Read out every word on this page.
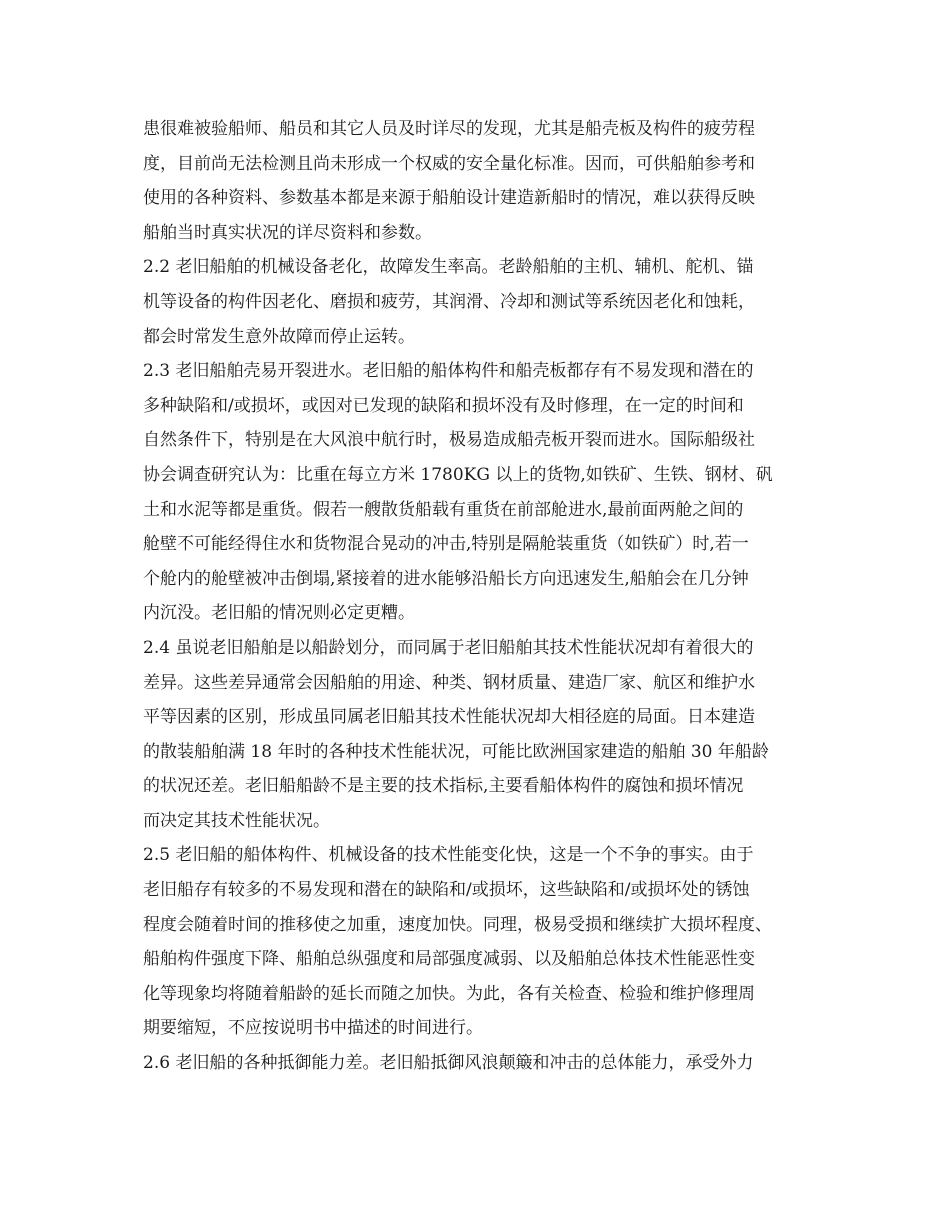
患很难被验船师、船员和其它人员及时详尽的发现，尤其是船壳板及构件的疲劳程
度，目前尚无法检测且尚未形成一个权威的安全量化标准。因而，可供船舶参考和
使用的各种资料、参数基本都是来源于船舶设计建造新船时的情况，难以获得反映
船舶当时真实状况的详尽资料和参数。
2.2 老旧船舶的机械设备老化，故障发生率高。老龄船舶的主机、辅机、舵机、锚
机等设备的构件因老化、磨损和疲劳，其润滑、冷却和测试等系统因老化和蚀耗，
都会时常发生意外故障而停止运转。
2.3 老旧船舶壳易开裂进水。老旧船的船体构件和船壳板都存有不易发现和潜在的
多种缺陷和/或损坏，或因对已发现的缺陷和损坏没有及时修理，在一定的时间和
自然条件下，特别是在大风浪中航行时，极易造成船壳板开裂而进水。国际船级社
协会调查研究认为：比重在每立方米 1780KG 以上的货物,如铁矿、生铁、钢材、矾
土和水泥等都是重货。假若一艘散货船载有重货在前部舱进水,最前面两舱之间的
舱壁不可能经得住水和货物混合晃动的冲击,特别是隔舱装重货（如铁矿）时,若一
个舱内的舱壁被冲击倒塌,紧接着的进水能够沿船长方向迅速发生,船舶会在几分钟
内沉没。老旧船的情况则必定更糟。
2.4 虽说老旧船舶是以船龄划分，而同属于老旧船舶其技术性能状况却有着很大的
差异。这些差异通常会因船舶的用途、种类、钢材质量、建造厂家、航区和维护水
平等因素的区别，形成虽同属老旧船其技术性能状况却大相径庭的局面。日本建造
的散装船舶满 18 年时的各种技术性能状况，可能比欧洲国家建造的船舶 30 年船龄
的状况还差。老旧船船龄不是主要的技术指标,主要看船体构件的腐蚀和损坏情况
而决定其技术性能状况。
2.5 老旧船的船体构件、机械设备的技术性能变化快，这是一个不争的事实。由于
老旧船存有较多的不易发现和潜在的缺陷和/或损坏，这些缺陷和/或损坏处的锈蚀
程度会随着时间的推移使之加重，速度加快。同理，极易受损和继续扩大损坏程度、
船舶构件强度下降、船舶总纵强度和局部强度减弱、以及船舶总体技术性能恶性变
化等现象均将随着船龄的延长而随之加快。为此，各有关检查、检验和维护修理周
期要缩短，不应按说明书中描述的时间进行。
2.6 老旧船的各种抵御能力差。老旧船抵御风浪颠簸和冲击的总体能力，承受外力
